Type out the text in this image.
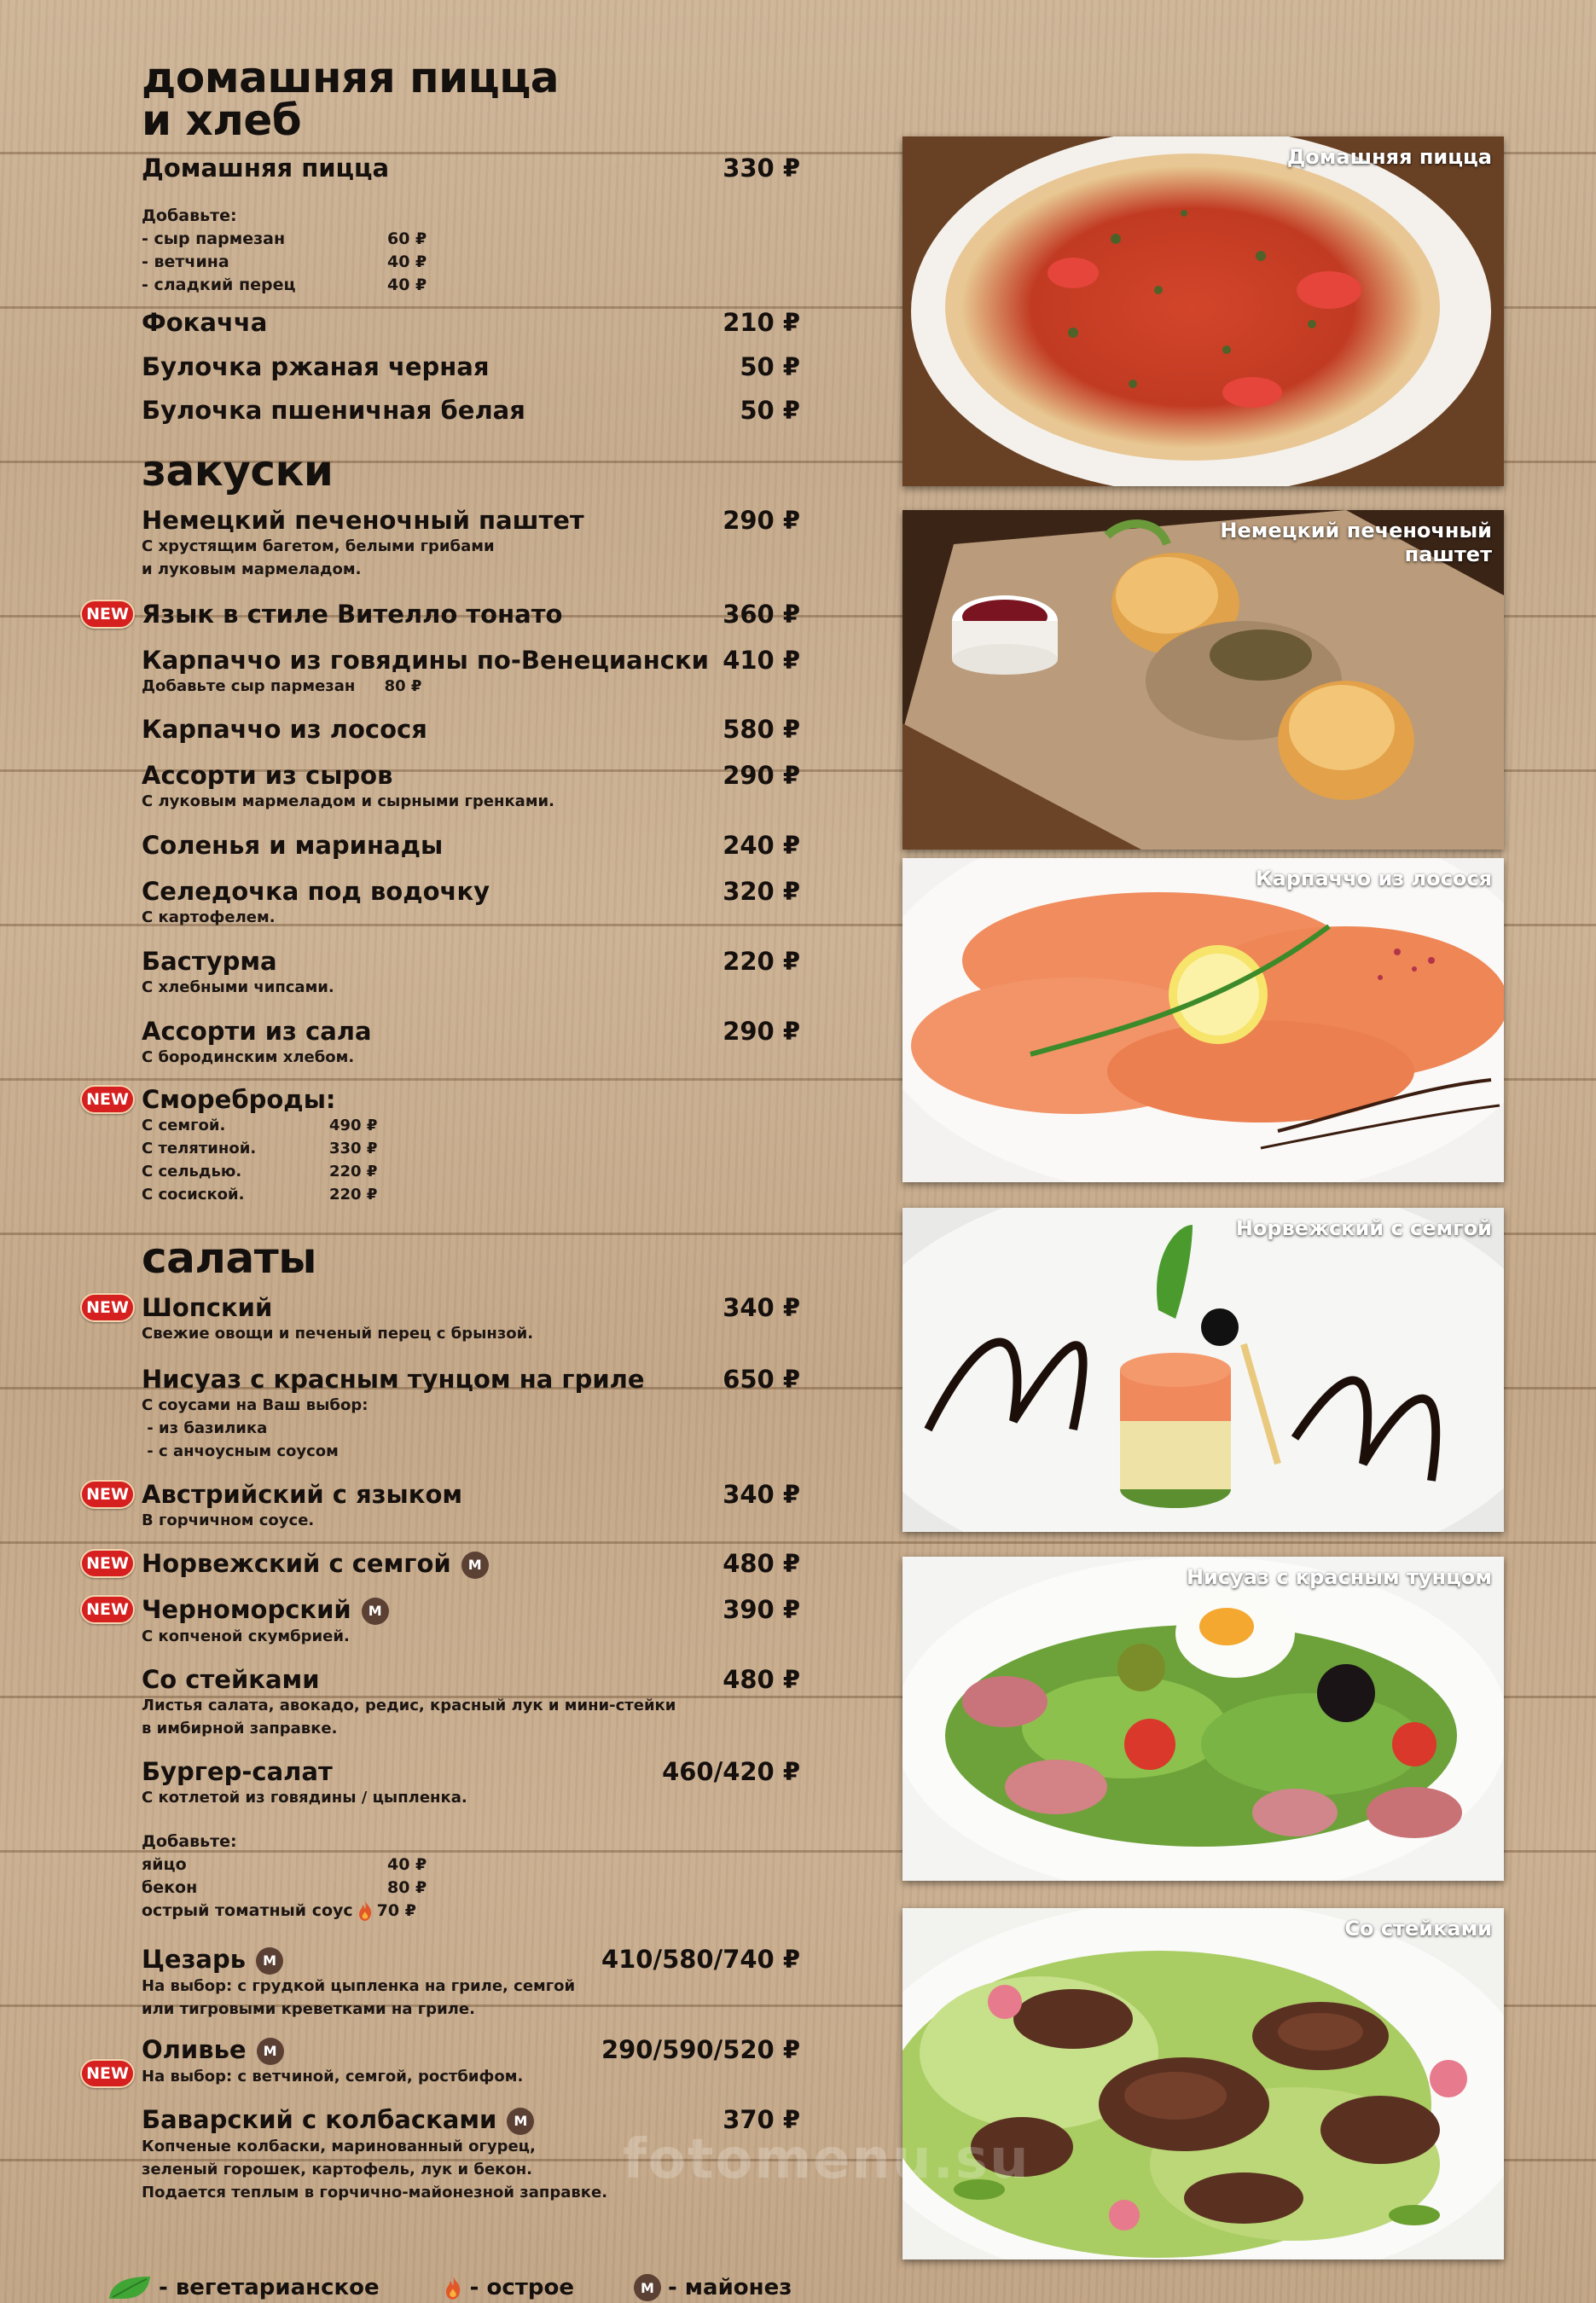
домашняя пицца
и хлеб
Домашняя пицца	330 ₽
Добавьте:
- сыр пармезан	60 ₽
- ветчина	40 ₽
- сладкий перец	40 ₽
Фокачча	210 ₽
Булочка ржаная черная	50 ₽
Булочка пшеничная белая	50 ₽
закуски
Немецкий печеночный паштет	290 ₽
С хрустящим багетом, белыми грибами
и луковым мармеладом.
NEW Язык в стиле Вителло тонато	360 ₽
Карпаччо из говядины по-Венециански 410 ₽
Добавьте сыр пармезан 80 ₽
Карпаччо из лосося	580 ₽
Ассорти из сыров	290 ₽
С луковым мармеладом и сырными гренками.
Соленья и маринады	240 ₽
Селедочка под водочку	320 ₽
С картофелем.
Бастурма	220 ₽
С хлебными чипсами.
Ассорти из сала	290 ₽
С бородинским хлебом.
NEW Смореброды:
С семгой.	490 ₽
С телятиной.	330 ₽
С сельдью.	220 ₽
С сосиской.	220 ₽
салаты
NEW Шопский	340 ₽
Свежие овощи и печеный перец с брынзой.
Нисуаз с красным тунцом на гриле	650 ₽
С соусами на Ваш выбор:
- из базилика
- с анчоусным соусом
NEW Австрийский с языком	340 ₽
В горчичном соусе.
NEW Норвежский с семгой M	480 ₽
NEW Черноморский M	390 ₽
С копченой скумбрией.
Со стейками	480 ₽
Листья салата, авокадо, редис, красный лук и мини-стейки
в имбирной заправке.
Бургер-салат	460/420 ₽
С котлетой из говядины / цыпленка.
Добавьте:
яйцо	40 ₽
бекон	80 ₽
острый томатный соус 70 ₽
Цезарь M	410/580/740 ₽
На выбор: с грудкой цыпленка на гриле, семгой
или тигровыми креветками на гриле.
NEW
Оливье M	290/590/520 ₽
На выбор: с ветчиной, семгой, ростбифом.
Баварский с колбасками M	370 ₽
Копченые колбаски, маринованный огурец,
зеленый горошек, картофель, лук и бекон.
Подается теплым в горчично-майонезной заправке.
Домашняя пицца
Немецкий печеночный паштет
Карпаччо из лосося
Норвежский с семгой
Нисуаз с красным тунцом
Со стейками
fotomenu.su
- вегетарианское	- острое	M - майонез
